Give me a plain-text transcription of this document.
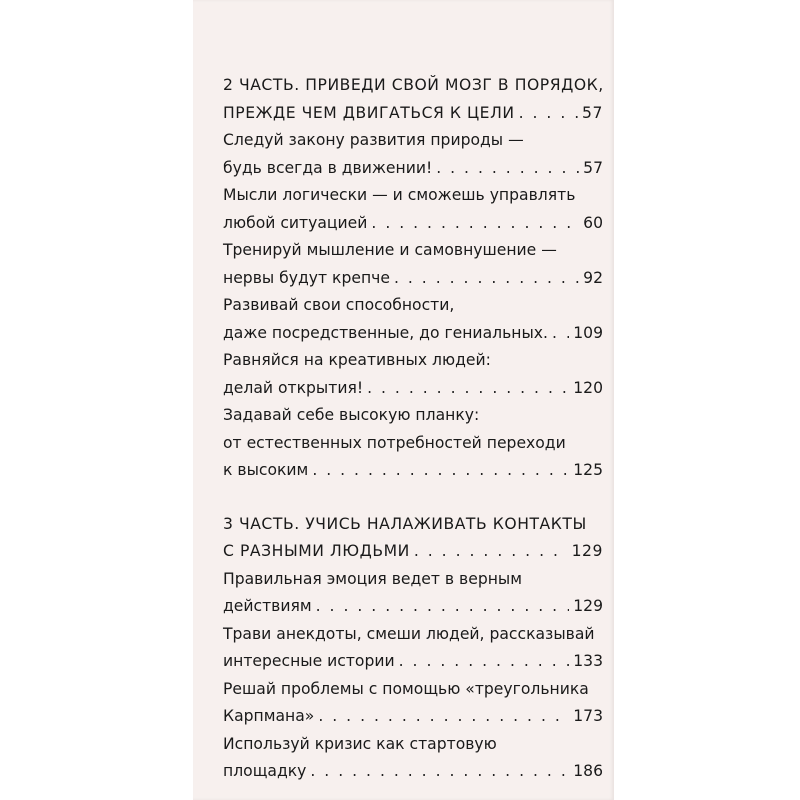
2 ЧАСТЬ. ПРИВЕДИ СВОЙ МОЗГ В ПОРЯДОК,
ПРЕЖДЕ ЧЕМ ДВИГАТЬСЯ К ЦЕЛИ . . .	57
Следуй закону развития природы —
будь всегда в движении! . . .	57
Мысли логически — и сможешь управлять
любой ситуацией . . .	60
Тренируй мышление и самовнушение —
нервы будут крепче . . .	92
Развивай свои способности,
даже посредственные, до гениальных. . . . 109
Равняйся на креативных людей:
делай открытия! . . .	120
Задавай себе высокую планку:
от естественных потребностей переходи
к высоким . . .	125
3 ЧАСТЬ. УЧИСЬ НАЛАЖИВАТЬ КОНТАКТЫ
С РАЗНЫМИ ЛЮДЬМИ . . .	129
Правильная эмоция ведет в верным
действиям . . .	129
Трави анекдоты, смеши людей, рассказывай
интересные истории . . .	133
Решай проблемы с помощью «треугольника
Карпмана» . . .	173
Используй кризис как стартовую
площадку . . .	186
